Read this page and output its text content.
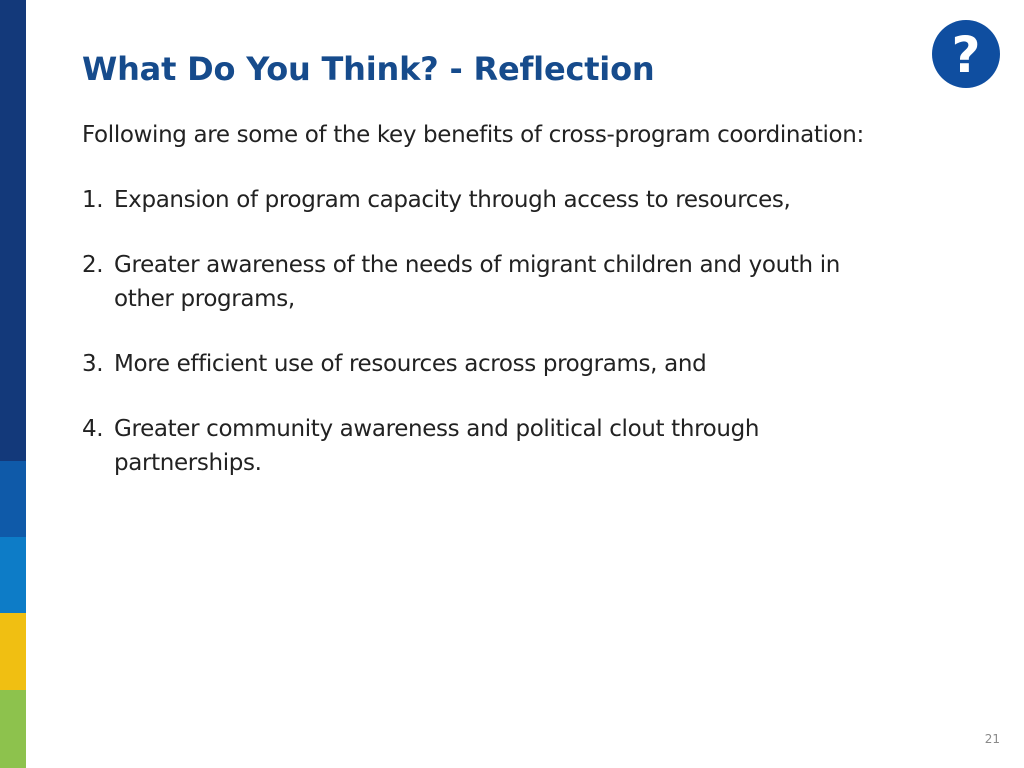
What Do You Think? - Reflection	?

Following are some of the key benefits of cross-program coordination:

1. Expansion of program capacity through access to resources,
2. Greater awareness of the needs of migrant children and youth in other programs,
3. More efficient use of resources across programs, and
4. Greater community awareness and political clout through partnerships.
21
